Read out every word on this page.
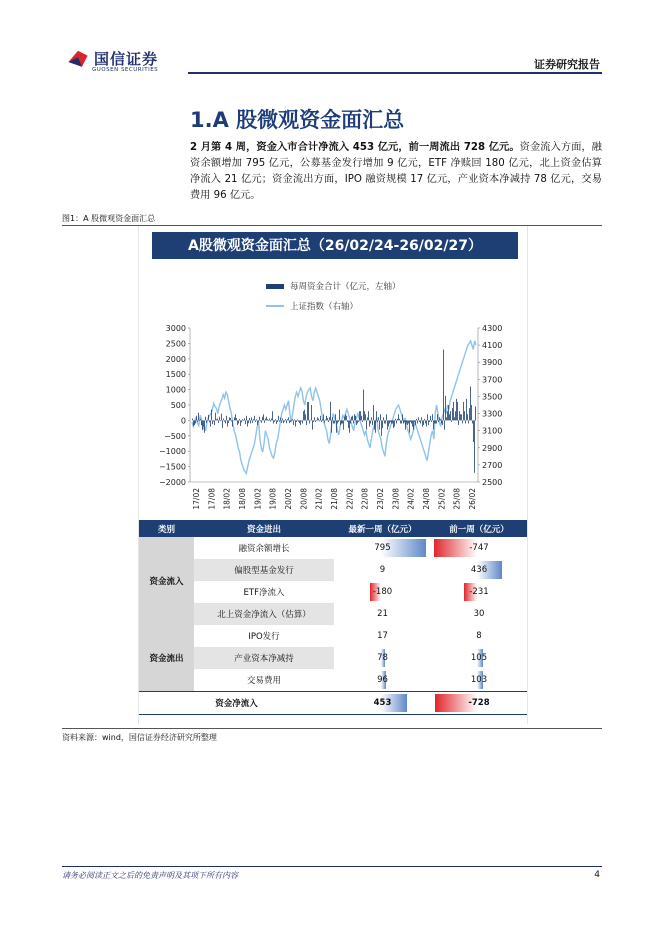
国信证券
GUOSEN SECURITIES	证券研究报告
1.A 股微观资金面汇总
2 月第 4 周，资金入市合计净流入 453 亿元，前一周流出 728 亿元。资金流入方面，融资余额增加 795 亿元，公募基金发行增加 9 亿元，ETF 净赎回 180 亿元，北上资金估算净流入 21 亿元；资金流出方面，IPO 融资规模 17 亿元，产业资本净减持 78 亿元，交易费用 96 亿元。
图1：A 股微观资金面汇总
A股微观资金面汇总（26/02/24-26/02/27）
每周资金合计（亿元，左轴）
上证指数（右轴）
3000
2500
2000
1500
1000
500
0
−500
−1000
−1500
−2000
4300
4100
3900
3700
3500
3300
3100
2900
2700
2500
17/02 17/08 18/02 18/08 19/02 19/08 20/02 20/08 21/02 21/08 22/02 22/08 23/02 23/08 24/02 24/08 25/02 25/08 26/02
类别	资金进出	最新一周（亿元）	前一周（亿元）
资金流入	融资余额增长	795	-747
	偏股型基金发行	9	436
	ETF净流入	-180	-231
	北上资金净流入（估算）	21	30
资金流出	IPO发行	17	8
	产业资本净减持	78	105
	交易费用	96	103
资金净流入		453	-728
资料来源：wind，国信证券经济研究所整理
请务必阅读正文之后的免责声明及其项下所有内容	4
